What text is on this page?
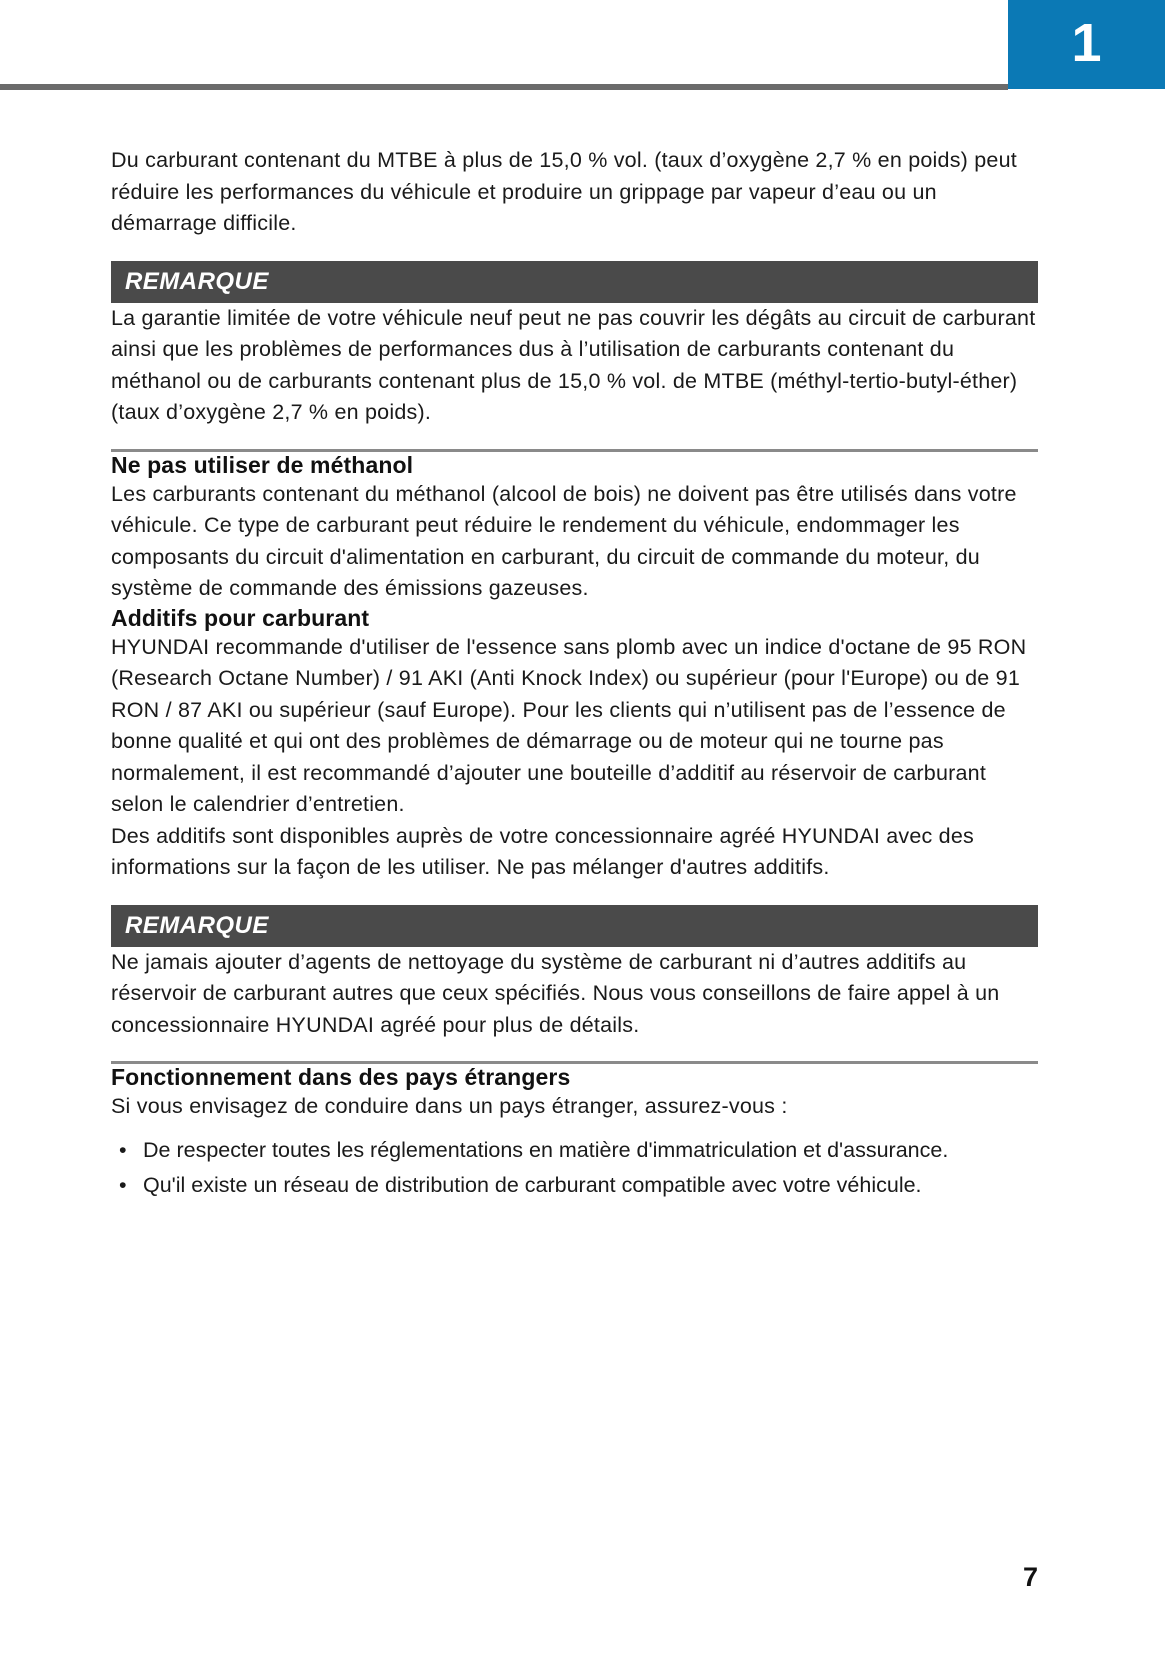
1

Du carburant contenant du MTBE à plus de 15,0 % vol. (taux d’oxygène 2,7 % en poids) peut réduire les performances du véhicule et produire un grippage par vapeur d’eau ou un démarrage difficile.

REMARQUE

La garantie limitée de votre véhicule neuf peut ne pas couvrir les dégâts au circuit de carburant ainsi que les problèmes de performances dus à l’utilisation de carburants contenant du méthanol ou de carburants contenant plus de 15,0 % vol. de MTBE (méthyl-tertio-butyl-éther) (taux d’oxygène 2,7 % en poids).

Ne pas utiliser de méthanol

Les carburants contenant du méthanol (alcool de bois) ne doivent pas être utilisés dans votre véhicule. Ce type de carburant peut réduire le rendement du véhicule, endommager les composants du circuit d'alimentation en carburant, du circuit de commande du moteur, du système de commande des émissions gazeuses.

Additifs pour carburant

HYUNDAI recommande d'utiliser de l'essence sans plomb avec un indice d'octane de 95 RON (Research Octane Number) / 91 AKI (Anti Knock Index) ou supérieur (pour l'Europe) ou de 91 RON / 87 AKI ou supérieur (sauf Europe). Pour les clients qui n’utilisent pas de l’essence de bonne qualité et qui ont des problèmes de démarrage ou de moteur qui ne tourne pas normalement, il est recommandé d’ajouter une bouteille d’additif au réservoir de carburant selon le calendrier d’entretien.

Des additifs sont disponibles auprès de votre concessionnaire agréé HYUNDAI avec des informations sur la façon de les utiliser. Ne pas mélanger d'autres additifs.

REMARQUE

Ne jamais ajouter d’agents de nettoyage du système de carburant ni d’autres additifs au réservoir de carburant autres que ceux spécifiés. Nous vous conseillons de faire appel à un concessionnaire HYUNDAI agréé pour plus de détails.

Fonctionnement dans des pays étrangers

Si vous envisagez de conduire dans un pays étranger, assurez-vous :

• De respecter toutes les réglementations en matière d'immatriculation et d'assurance.
• Qu'il existe un réseau de distribution de carburant compatible avec votre véhicule.
7
